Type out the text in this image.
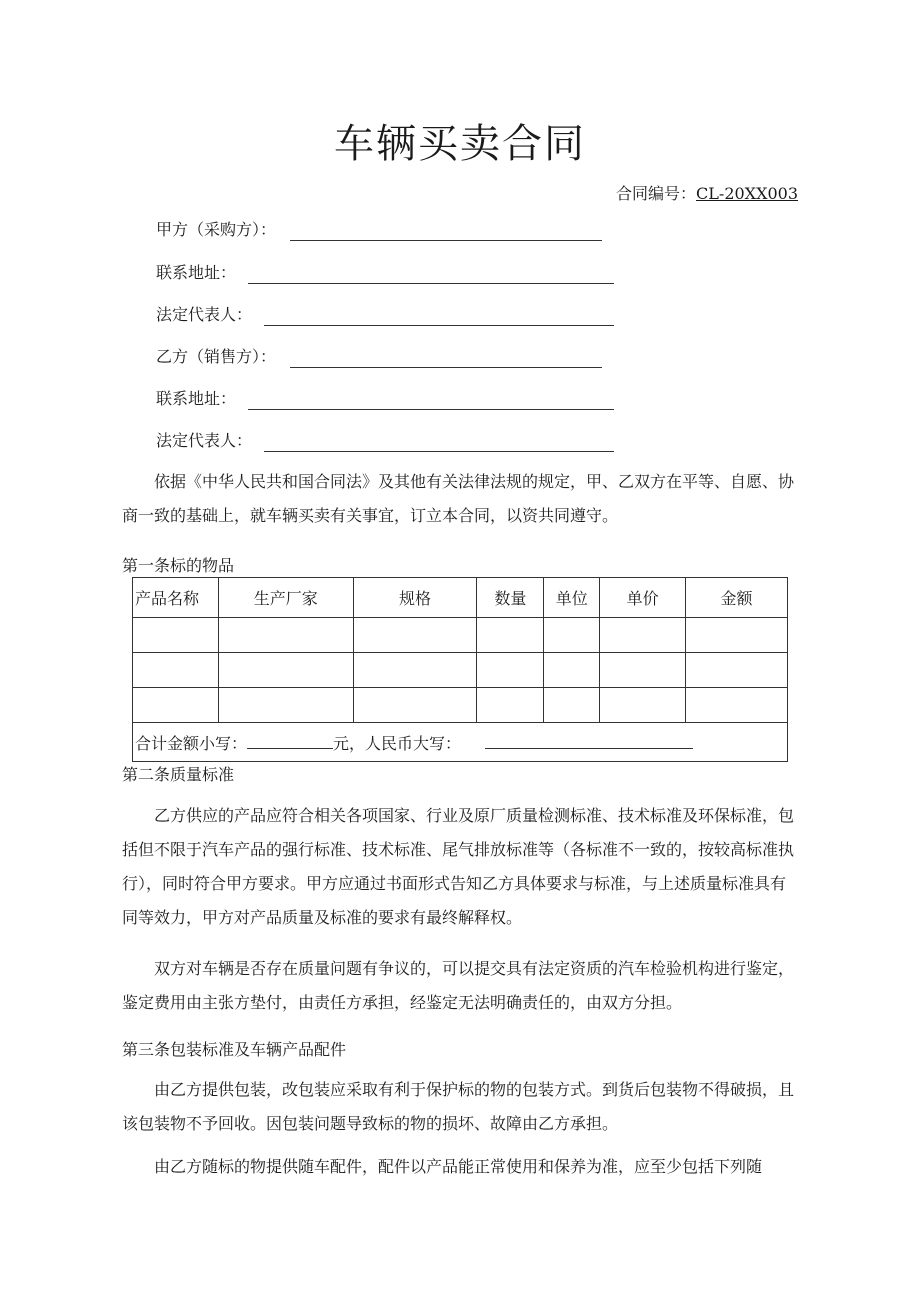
车辆买卖合同
合同编号：CL-20XX003
甲方（采购方）：
联系地址：
法定代表人：
乙方（销售方）：
联系地址：
法定代表人：

依据《中华人民共和国合同法》及其他有关法律法规的规定，甲、乙双方在平等、自愿、协商一致的基础上，就车辆买卖有关事宜，订立本合同，以资共同遵守。

第一条标的物品
产品名称	生产厂家	规格	数量	单位	单价	金额

合计金额小写： 元，人民币大写：						
第二条质量标准

乙方供应的产品应符合相关各项国家、行业及原厂质量检测标准、技术标准及环保标准，包括但不限于汽车产品的强行标准、技术标准、尾气排放标准等（各标准不一致的，按较高标准执行），同时符合甲方要求。甲方应通过书面形式告知乙方具体要求与标准，与上述质量标准具有同等效力，甲方对产品质量及标准的要求有最终解释权。

双方对车辆是否存在质量问题有争议的，可以提交具有法定资质的汽车检验机构进行鉴定，鉴定费用由主张方垫付，由责任方承担，经鉴定无法明确责任的，由双方分担。

第三条包装标准及车辆产品配件

由乙方提供包装，改包装应采取有利于保护标的物的包装方式。到货后包装物不得破损，且该包装物不予回收。因包装问题导致标的物的损坏、故障由乙方承担。

由乙方随标的物提供随车配件，配件以产品能正常使用和保养为准，应至少包括下列随
